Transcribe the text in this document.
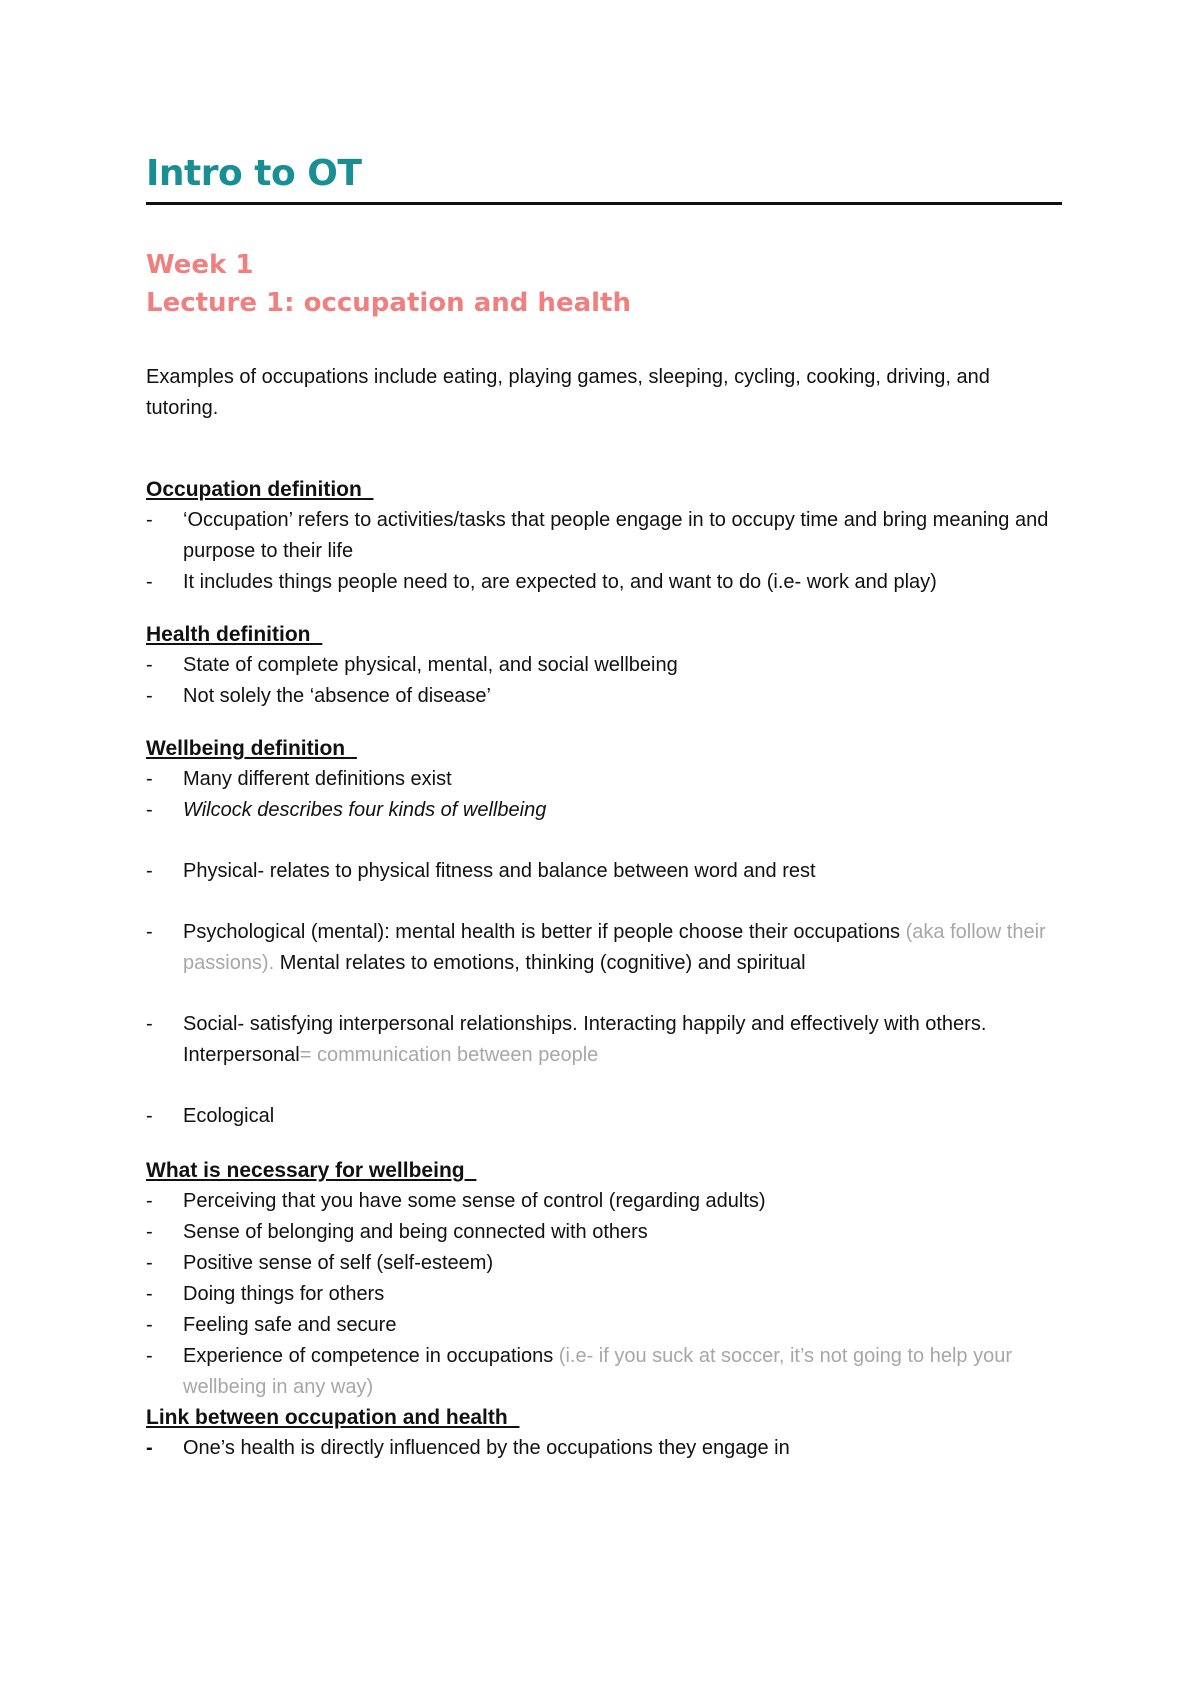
Intro to OT
Week 1
Lecture 1: occupation and health

Examples of occupations include eating, playing games, sleeping, cycling, cooking, driving, and tutoring.

Occupation definition
- ‘Occupation’ refers to activities/tasks that people engage in to occupy time and bring meaning and purpose to their life
- It includes things people need to, are expected to, and want to do (i.e- work and play)
Health definition
- State of complete physical, mental, and social wellbeing
- Not solely the ‘absence of disease’
Wellbeing definition
- Many different definitions exist
- Wilcock describes four kinds of wellbeing
- Physical- relates to physical fitness and balance between word and rest
- Psychological (mental): mental health is better if people choose their occupations (aka follow their passions). Mental relates to emotions, thinking (cognitive) and spiritual
- Social- satisfying interpersonal relationships. Interacting happily and effectively with others. Interpersonal= communication between people
- Ecological
What is necessary for wellbeing
- Perceiving that you have some sense of control (regarding adults)
- Sense of belonging and being connected with others
- Positive sense of self (self-esteem)
- Doing things for others
- Feeling safe and secure
- Experience of competence in occupations (i.e- if you suck at soccer, it’s not going to help your wellbeing in any way)
Link between occupation and health
- One’s health is directly influenced by the occupations they engage in
